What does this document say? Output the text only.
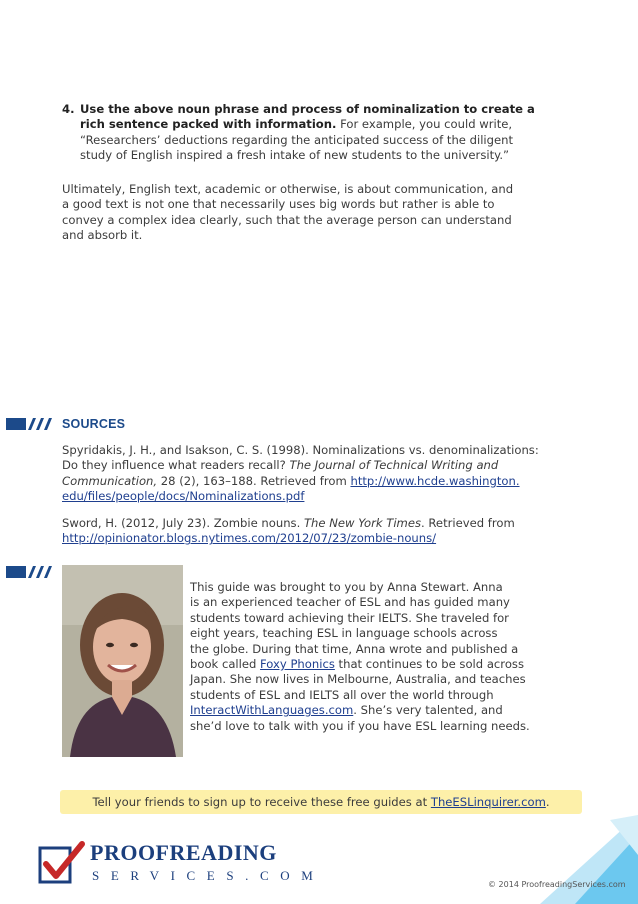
4. Use the above noun phrase and process of nominalization to create a
rich sentence packed with information. For example, you could write,
“Researchers’ deductions regarding the anticipated success of the diligent
study of English inspired a fresh intake of new students to the university.”
Ultimately, English text, academic or otherwise, is about communication, and
a good text is not one that necessarily uses big words but rather is able to
convey a complex idea clearly, such that the average person can understand
and absorb it.
SOURCES
Spyridakis, J. H., and Isakson, C. S. (1998). Nominalizations vs. denominalizations:
Do they influence what readers recall? The Journal of Technical Writing and
Communication, 28 (2), 163–188. Retrieved from http://www.hcde.washington.
edu/files/people/docs/Nominalizations.pdf
Sword, H. (2012, July 23). Zombie nouns. The New York Times. Retrieved from
http://opinionator.blogs.nytimes.com/2012/07/23/zombie-nouns/
This guide was brought to you by Anna Stewart. Anna
is an experienced teacher of ESL and has guided many
students toward achieving their IELTS. She traveled for
eight years, teaching ESL in language schools across
the globe. During that time, Anna wrote and published a
book called Foxy Phonics that continues to be sold across
Japan. She now lives in Melbourne, Australia, and teaches
students of ESL and IELTS all over the world through
InteractWithLanguages.com. She’s very talented, and
she’d love to talk with you if you have ESL learning needs.
Tell your friends to sign up to receive these free guides at TheESLinquirer.com.
PROOFREADING
SERVICES.COM
© 2014 ProofreadingServices.com
